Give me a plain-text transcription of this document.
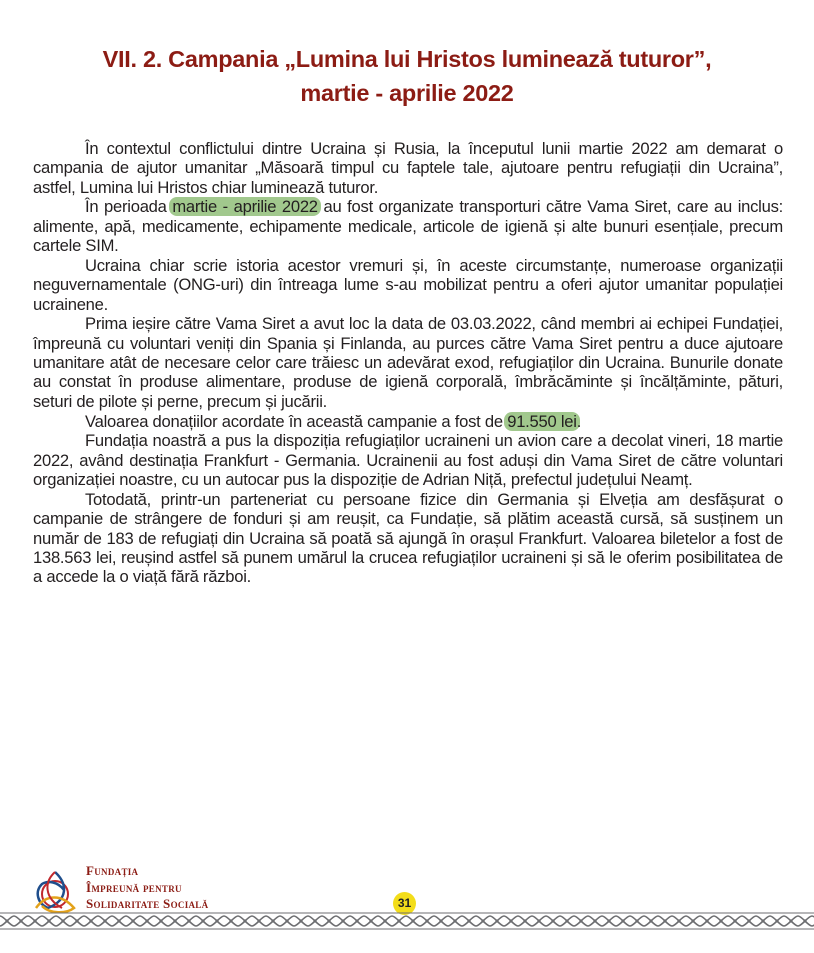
VII. 2. Campania „Lumina lui Hristos luminează tuturor”,
martie - aprilie 2022

În contextul conflictului dintre Ucraina și Rusia, la începutul lunii martie 2022 am demarat o campania de ajutor umanitar „Măsoară timpul cu faptele tale, ajutoare pentru refugiații din Ucraina”, astfel, Lumina lui Hristos chiar luminează tuturor.

În perioada martie - aprilie 2022 au fost organizate transporturi către Vama Siret, care au inclus: alimente, apă, medicamente, echipamente medicale, articole de igienă și alte bunuri esențiale, precum cartele SIM.

Ucraina chiar scrie istoria acestor vremuri și, în aceste circumstanțe, numeroase organizații neguvernamentale (ONG-uri) din întreaga lume s-au mobilizat pentru a oferi ajutor umanitar populației ucrainene.

Prima ieșire către Vama Siret a avut loc la data de 03.03.2022, când membri ai echipei Fundației, împreună cu voluntari veniți din Spania și Finlanda, au purces către Vama Siret pentru a duce ajutoare umanitare atât de necesare celor care trăiesc un adevărat exod, refugiaților din Ucraina. Bunurile donate au constat în produse alimentare, produse de igienă corporală, îmbrăcăminte și încălțăminte, pături, seturi de pilote și perne, precum și jucării.

Valoarea donațiilor acordate în această campanie a fost de 91.550 lei.

Fundația noastră a pus la dispoziția refugiaților ucraineni un avion care a decolat vineri, 18 martie 2022, având destinația Frankfurt - Germania. Ucrainenii au fost aduși din Vama Siret de către voluntari organizației noastre, cu un autocar pus la dispoziție de Adrian Niță, prefectul județului Neamț.

Totodată, printr-un parteneriat cu persoane fizice din Germania și Elveția am desfășurat o campanie de strângere de fonduri și am reușit, ca Fundație, să plătim această cursă, să susținem un număr de 183 de refugiați din Ucraina să poată să ajungă în orașul Frankfurt. Valoarea biletelor a fost de 138.563 lei, reușind astfel să punem umărul la crucea refugiaților ucraineni și să le oferim posibilitatea de a accede la o viață fără război.

Fundația
Împreună pentru
Solidaritate Socială	31
